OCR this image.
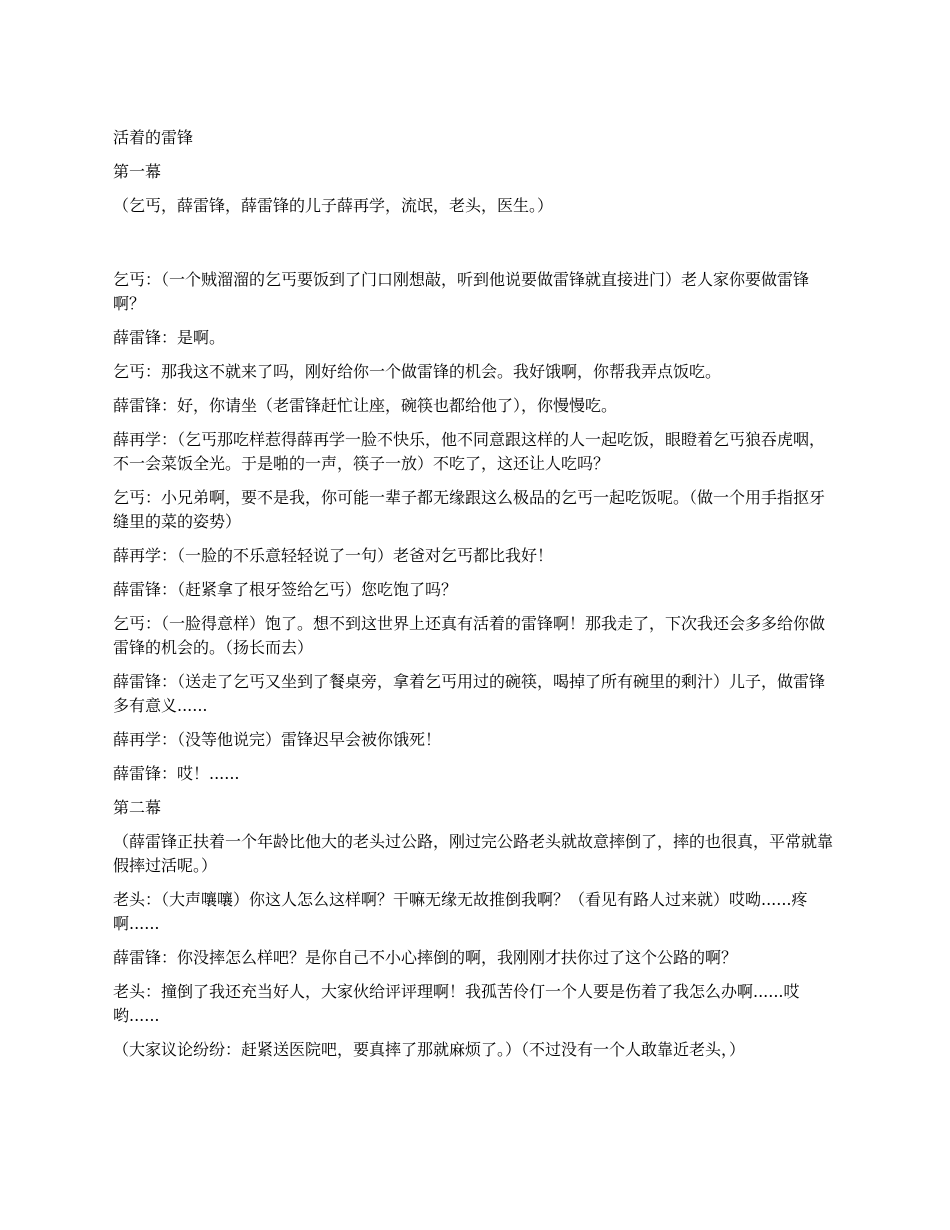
活着的雷锋

第一幕

（乞丐，薛雷锋，薛雷锋的儿子薛再学，流氓，老头，医生。）

乞丐：（一个贼溜溜的乞丐要饭到了门口刚想敲，听到他说要做雷锋就直接进门）老人家你要做雷锋啊？

薛雷锋：是啊。

乞丐：那我这不就来了吗，刚好给你一个做雷锋的机会。我好饿啊，你帮我弄点饭吃。

薛雷锋：好，你请坐（老雷锋赶忙让座，碗筷也都给他了），你慢慢吃。

薛再学：（乞丐那吃样惹得薛再学一脸不快乐，他不同意跟这样的人一起吃饭，眼瞪着乞丐狼吞虎咽，不一会菜饭全光。于是啪的一声，筷子一放）不吃了，这还让人吃吗？

乞丐：小兄弟啊，要不是我，你可能一辈子都无缘跟这么极品的乞丐一起吃饭呢。（做一个用手指抠牙缝里的菜的姿势）

薛再学：（一脸的不乐意轻轻说了一句）老爸对乞丐都比我好！

薛雷锋：（赶紧拿了根牙签给乞丐）您吃饱了吗？

乞丐：（一脸得意样）饱了。想不到这世界上还真有活着的雷锋啊！那我走了，下次我还会多多给你做雷锋的机会的。（扬长而去）

薛雷锋：（送走了乞丐又坐到了餐桌旁，拿着乞丐用过的碗筷，喝掉了所有碗里的剩汁）儿子，做雷锋多有意义......

薛再学：（没等他说完）雷锋迟早会被你饿死！

薛雷锋：哎！......

第二幕

（薛雷锋正扶着一个年龄比他大的老头过公路，刚过完公路老头就故意摔倒了，摔的也很真，平常就靠假摔过活呢。）

老头：（大声嚷嚷）你这人怎么这样啊？干嘛无缘无故推倒我啊？（看见有路人过来就）哎呦......疼啊......

薛雷锋：你没摔怎么样吧？是你自己不小心摔倒的啊，我刚刚才扶你过了这个公路的啊？

老头：撞倒了我还充当好人，大家伙给评评理啊！我孤苦伶仃一个人要是伤着了我怎么办啊......哎哟......

（大家议论纷纷：赶紧送医院吧，要真摔了那就麻烦了。）（不过没有一个人敢靠近老头，）
